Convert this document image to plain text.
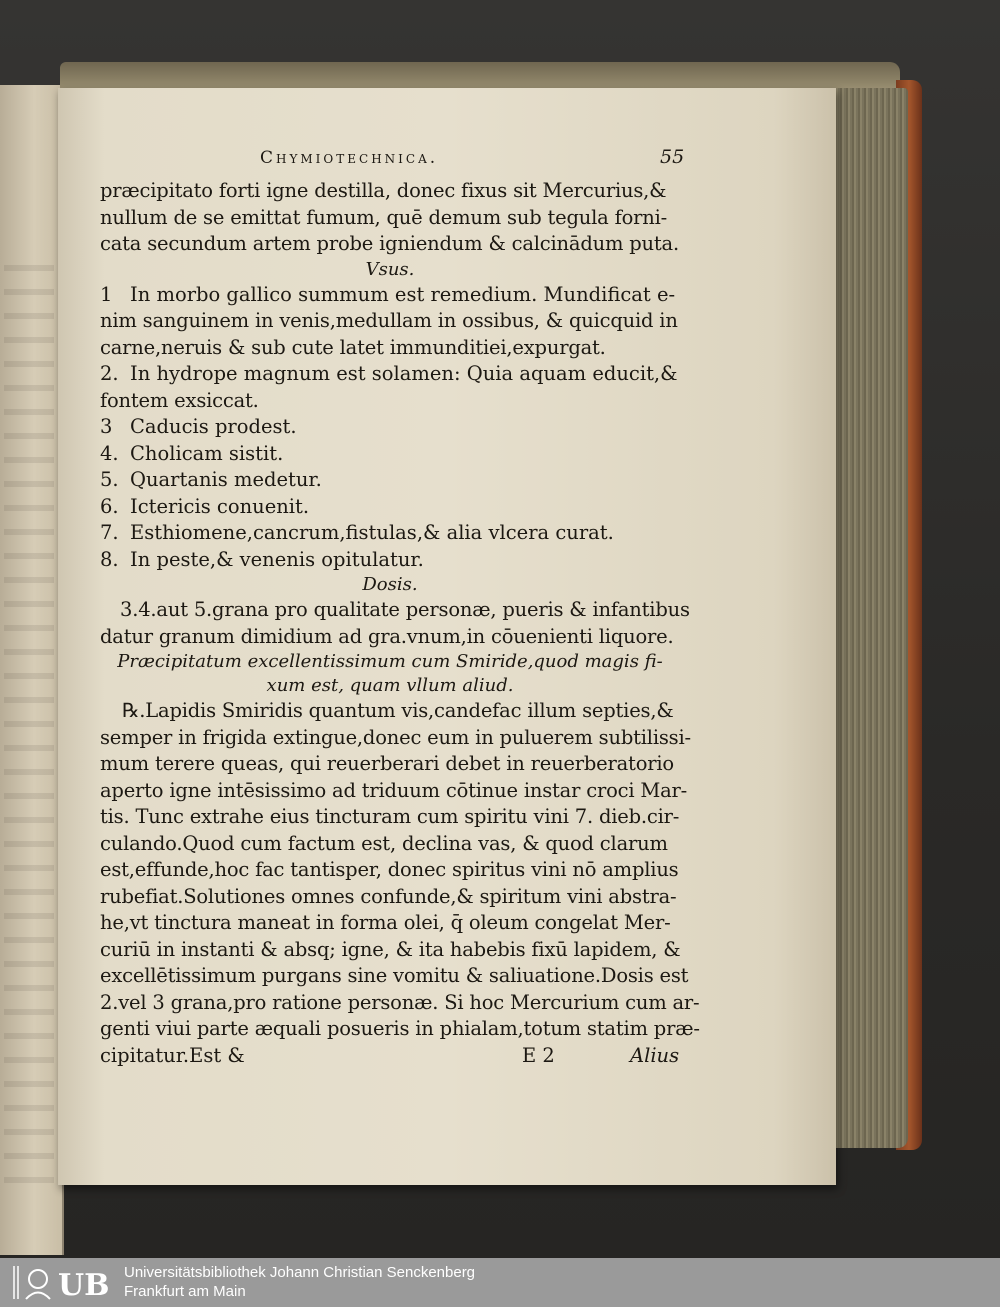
Chymiotechnica.	55
præcipitato forti igne destilla, donec fixus sit Mercurius,&
nullum de se emittat fumum, quē demum sub tegula forni-
cata secundum artem probe igniendum & calcinādum puta.
Vsus.
1 In morbo gallico summum est remedium. Mundificat e-
nim sanguinem in venis,medullam in ossibus, & quicquid in
carne,neruis & sub cute latet immunditiei,expurgat.
2. In hydrope magnum est solamen: Quia aquam educit,&
fontem exsiccat.
3 Caducis prodest.
4. Cholicam sistit.
5. Quartanis medetur.
6. Ictericis conuenit.
7. Esthiomene,cancrum,fistulas,& alia vlcera curat.
8. In peste,& venenis opitulatur.
Dosis.
3.4.aut 5.grana pro qualitate personæ, pueris & infantibus
datur granum dimidium ad gra.vnum,in cōuenienti liquore.
Præcipitatum excellentissimum cum Smiride,quod magis fi-
xum est, quam vllum aliud.
℞.Lapidis Smiridis quantum vis,candefac illum septies,&
semper in frigida extingue,donec eum in puluerem subtilissi-
mum terere queas, qui reuerberari debet in reuerberatorio
aperto igne intēsissimo ad triduum cōtinue instar croci Mar-
tis. Tunc extrahe eius tincturam cum spiritu vini 7. dieb.cir-
culando.Quod cum factum est, declina vas, & quod clarum
est,effunde,hoc fac tantisper, donec spiritus vini nō amplius
rubefiat.Solutiones omnes confunde,& spiritum vini abstra-
he,vt tinctura maneat in forma olei, q̄ oleum congelat Mer-
curiū in instanti & absq; igne, & ita habebis fixū lapidem, &
excellētissimum purgans sine vomitu & saliuatione.Dosis est
2.vel 3 grana,pro ratione personæ. Si hoc Mercurium cum ar-
genti viui parte æquali posueris in phialam,totum statim præ-
cipitatur.Est &	E 2	Alius
UB Universitätsbibliothek Johann Christian Senckenberg
Frankfurt am Main
